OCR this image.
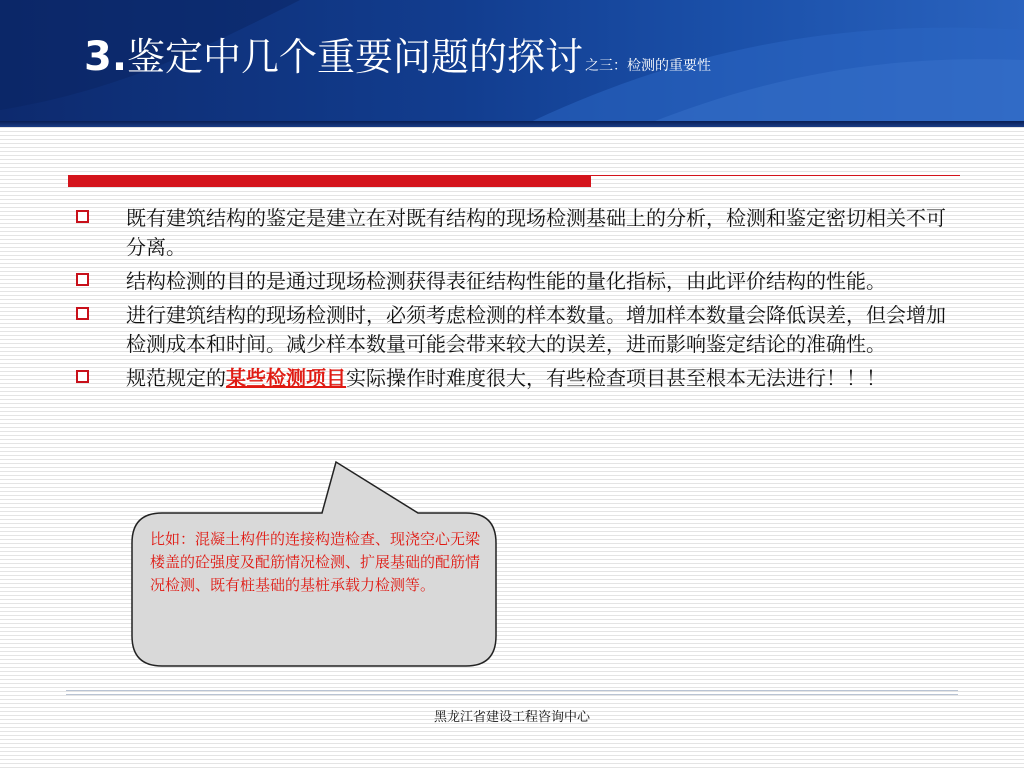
3.鉴定中几个重要问题的探讨 之三：检测的重要性
既有建筑结构的鉴定是建立在对既有结构的现场检测基础上的分析，检测和鉴定密切相关不可分离。
结构检测的目的是通过现场检测获得表征结构性能的量化指标，由此评价结构的性能。
进行建筑结构的现场检测时，必须考虑检测的样本数量。增加样本数量会降低误差，但会增加检测成本和时间。减少样本数量可能会带来较大的误差，进而影响鉴定结论的准确性。
规范规定的某些检测项目实际操作时难度很大，有些检查项目甚至根本无法进行！！！
比如：混凝土构件的连接构造检查、现浇空心无梁楼盖的砼强度及配筋情况检测、扩展基础的配筋情况检测、既有桩基础的基桩承载力检测等。
黑龙江省建设工程咨询中心
